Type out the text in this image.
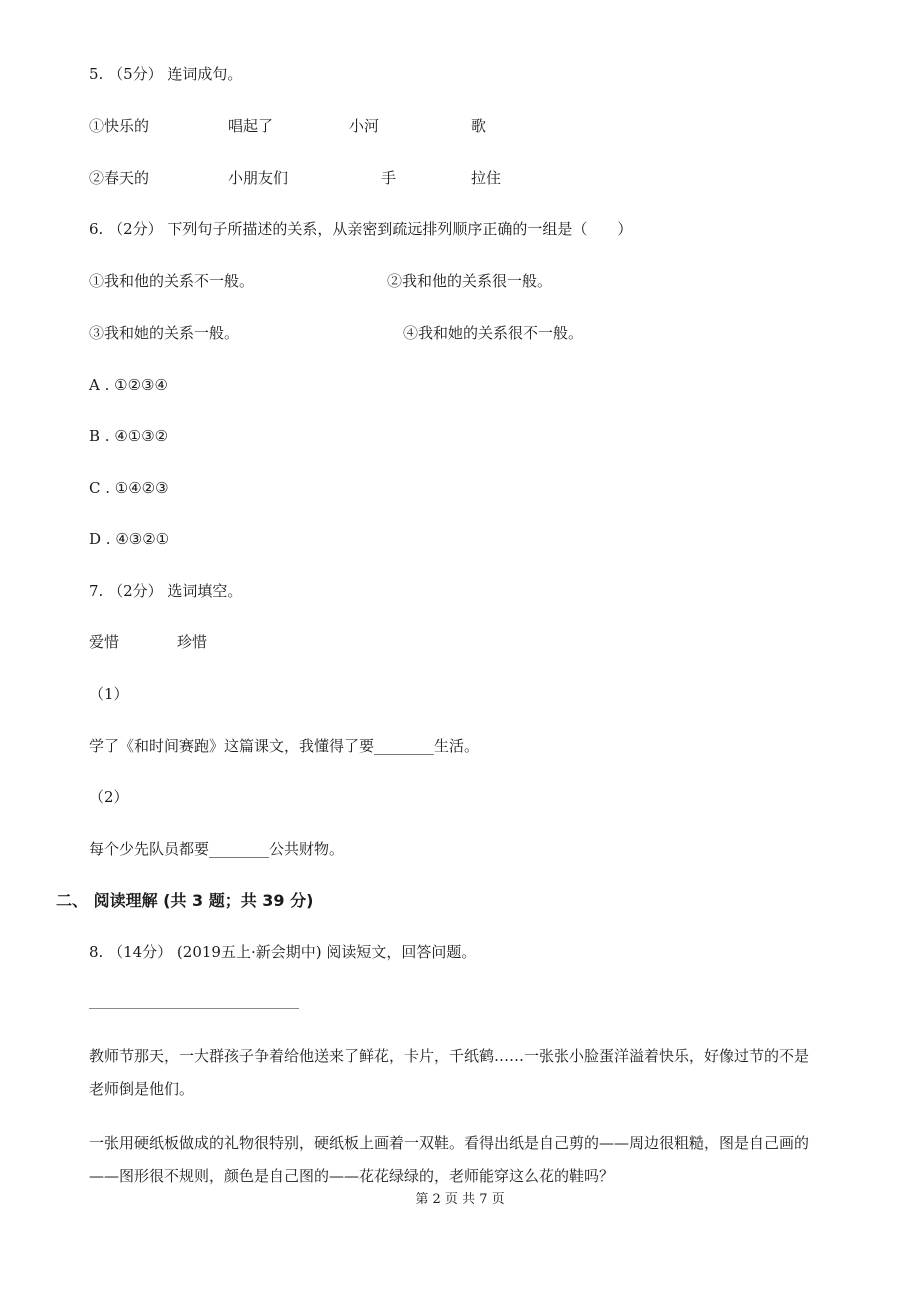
5. （5分） 连词成句。
①快乐的	唱起了	小河	歌
②春天的	小朋友们	手	拉住
6. （2分） 下列句子所描述的关系，从亲密到疏远排列顺序正确的一组是（　　）
①我和他的关系不一般。	②我和他的关系很一般。
③我和她的关系一般。	④我和她的关系很不一般。
A . ①②③④
B . ④①③②
C . ①④②③
D . ④③②①
7. （2分） 选词填空。
爱惜	珍惜
（1）
学了《和时间赛跑》这篇课文，我懂得了要________生活。
（2）
每个少先队员都要________公共财物。
二、 阅读理解 (共 3 题；共 39 分)
8. （14分） (2019五上·新会期中) 阅读短文，回答问题。
教师节那天，一大群孩子争着给他送来了鲜花，卡片，千纸鹤……一张张小脸蛋洋溢着快乐，好像过节的不是
老师倒是他们。
一张用硬纸板做成的礼物很特别，硬纸板上画着一双鞋。看得出纸是自己剪的——周边很粗糙，图是自己画的
——图形很不规则，颜色是自己图的——花花绿绿的，老师能穿这么花的鞋吗？
第 2 页 共 7 页
